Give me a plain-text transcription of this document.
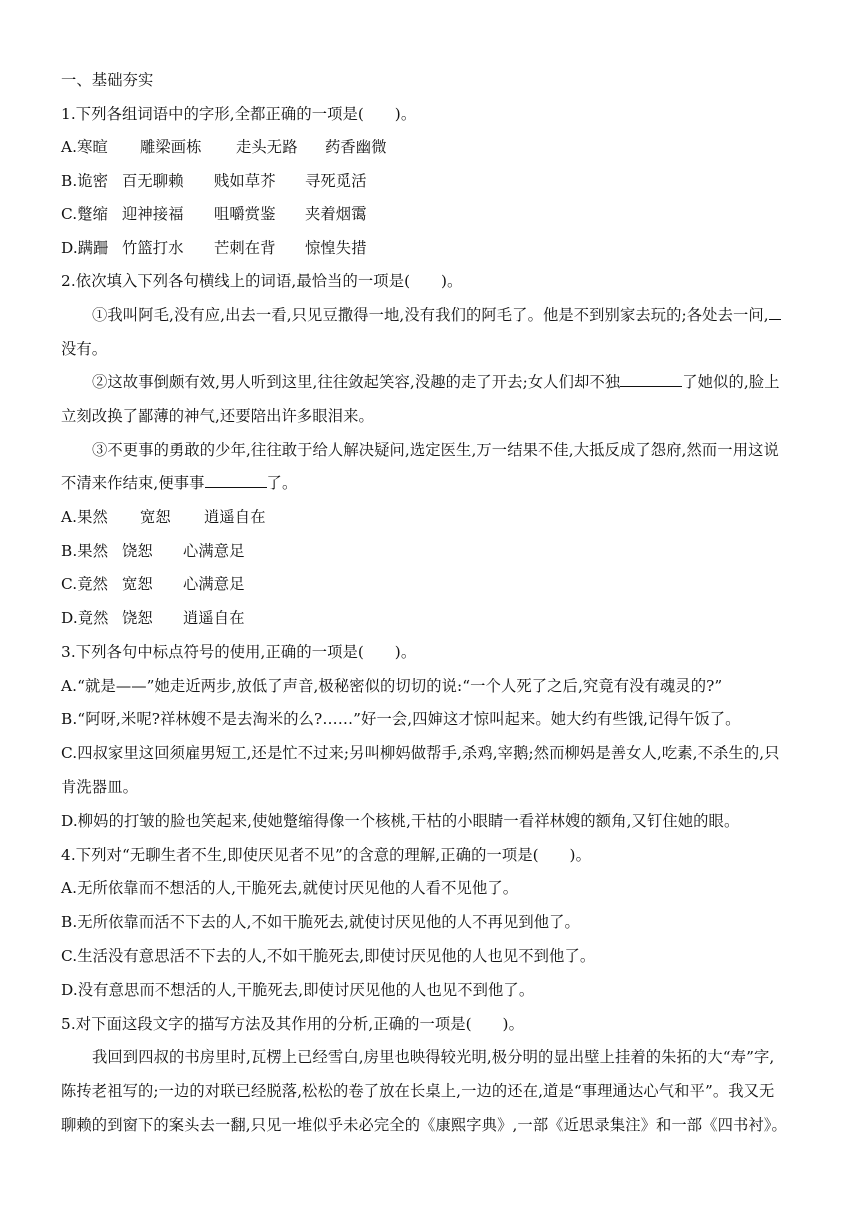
一、基础夯实
1.下列各组词语中的字形,全都正确的一项是(　　)。
A.寒暄 雕梁画栋 走头无路 药香幽微
B.诡密 百无聊赖 贱如草芥 寻死觅活
C.蹩缩 迎神接福 咀嚼赏鉴 夹着烟霭
D.蹒跚 竹篮打水 芒刺在背 惊惶失措
2.依次填入下列各句横线上的词语,最恰当的一项是(　　)。
①我叫阿毛,没有应,出去一看,只见豆撒得一地,没有我们的阿毛了。他是不到别家去玩的;各处去一问,
没有。
②这故事倒颇有效,男人听到这里,往往敛起笑容,没趣的走了开去;女人们却不独	了她似的,脸上
立刻改换了鄙薄的神气,还要陪出许多眼泪来。
③不更事的勇敢的少年,往往敢于给人解决疑问,选定医生,万一结果不佳,大抵反成了怨府,然而一用这说
不清来作结束,便事事	了。
A.果然 宽恕 逍遥自在
B.果然 饶恕 心满意足
C.竟然 宽恕 心满意足
D.竟然 饶恕 逍遥自在
3.下列各句中标点符号的使用,正确的一项是(　　)。
A.“就是——”她走近两步,放低了声音,极秘密似的切切的说:“一个人死了之后,究竟有没有魂灵的?”
B.“阿呀,米呢?祥林嫂不是去淘米的么?……”好一会,四婶这才惊叫起来。她大约有些饿,记得午饭了。
C.四叔家里这回须雇男短工,还是忙不过来;另叫柳妈做帮手,杀鸡,宰鹅;然而柳妈是善女人,吃素,不杀生的,只
肯洗器皿。
D.柳妈的打皱的脸也笑起来,使她蹩缩得像一个核桃,干枯的小眼睛一看祥林嫂的额角,又钉住她的眼。
4.下列对“无聊生者不生,即使厌见者不见”的含意的理解,正确的一项是(　　)。
A.无所依靠而不想活的人,干脆死去,就使讨厌见他的人看不见他了。
B.无所依靠而活不下去的人,不如干脆死去,就使讨厌见他的人不再见到他了。
C.生活没有意思活不下去的人,不如干脆死去,即使讨厌见他的人也见不到他了。
D.没有意思而不想活的人,干脆死去,即使讨厌见他的人也见不到他了。
5.对下面这段文字的描写方法及其作用的分析,正确的一项是(　　)。
我回到四叔的书房里时,瓦楞上已经雪白,房里也映得较光明,极分明的显出壁上挂着的朱拓的大“寿”字,
陈抟老祖写的;一边的对联已经脱落,松松的卷了放在长桌上,一边的还在,道是“事理通达心气和平”。我又无
聊赖的到窗下的案头去一翻,只见一堆似乎未必完全的《康熙字典》,一部《近思录集注》和一部《四书衬》。
